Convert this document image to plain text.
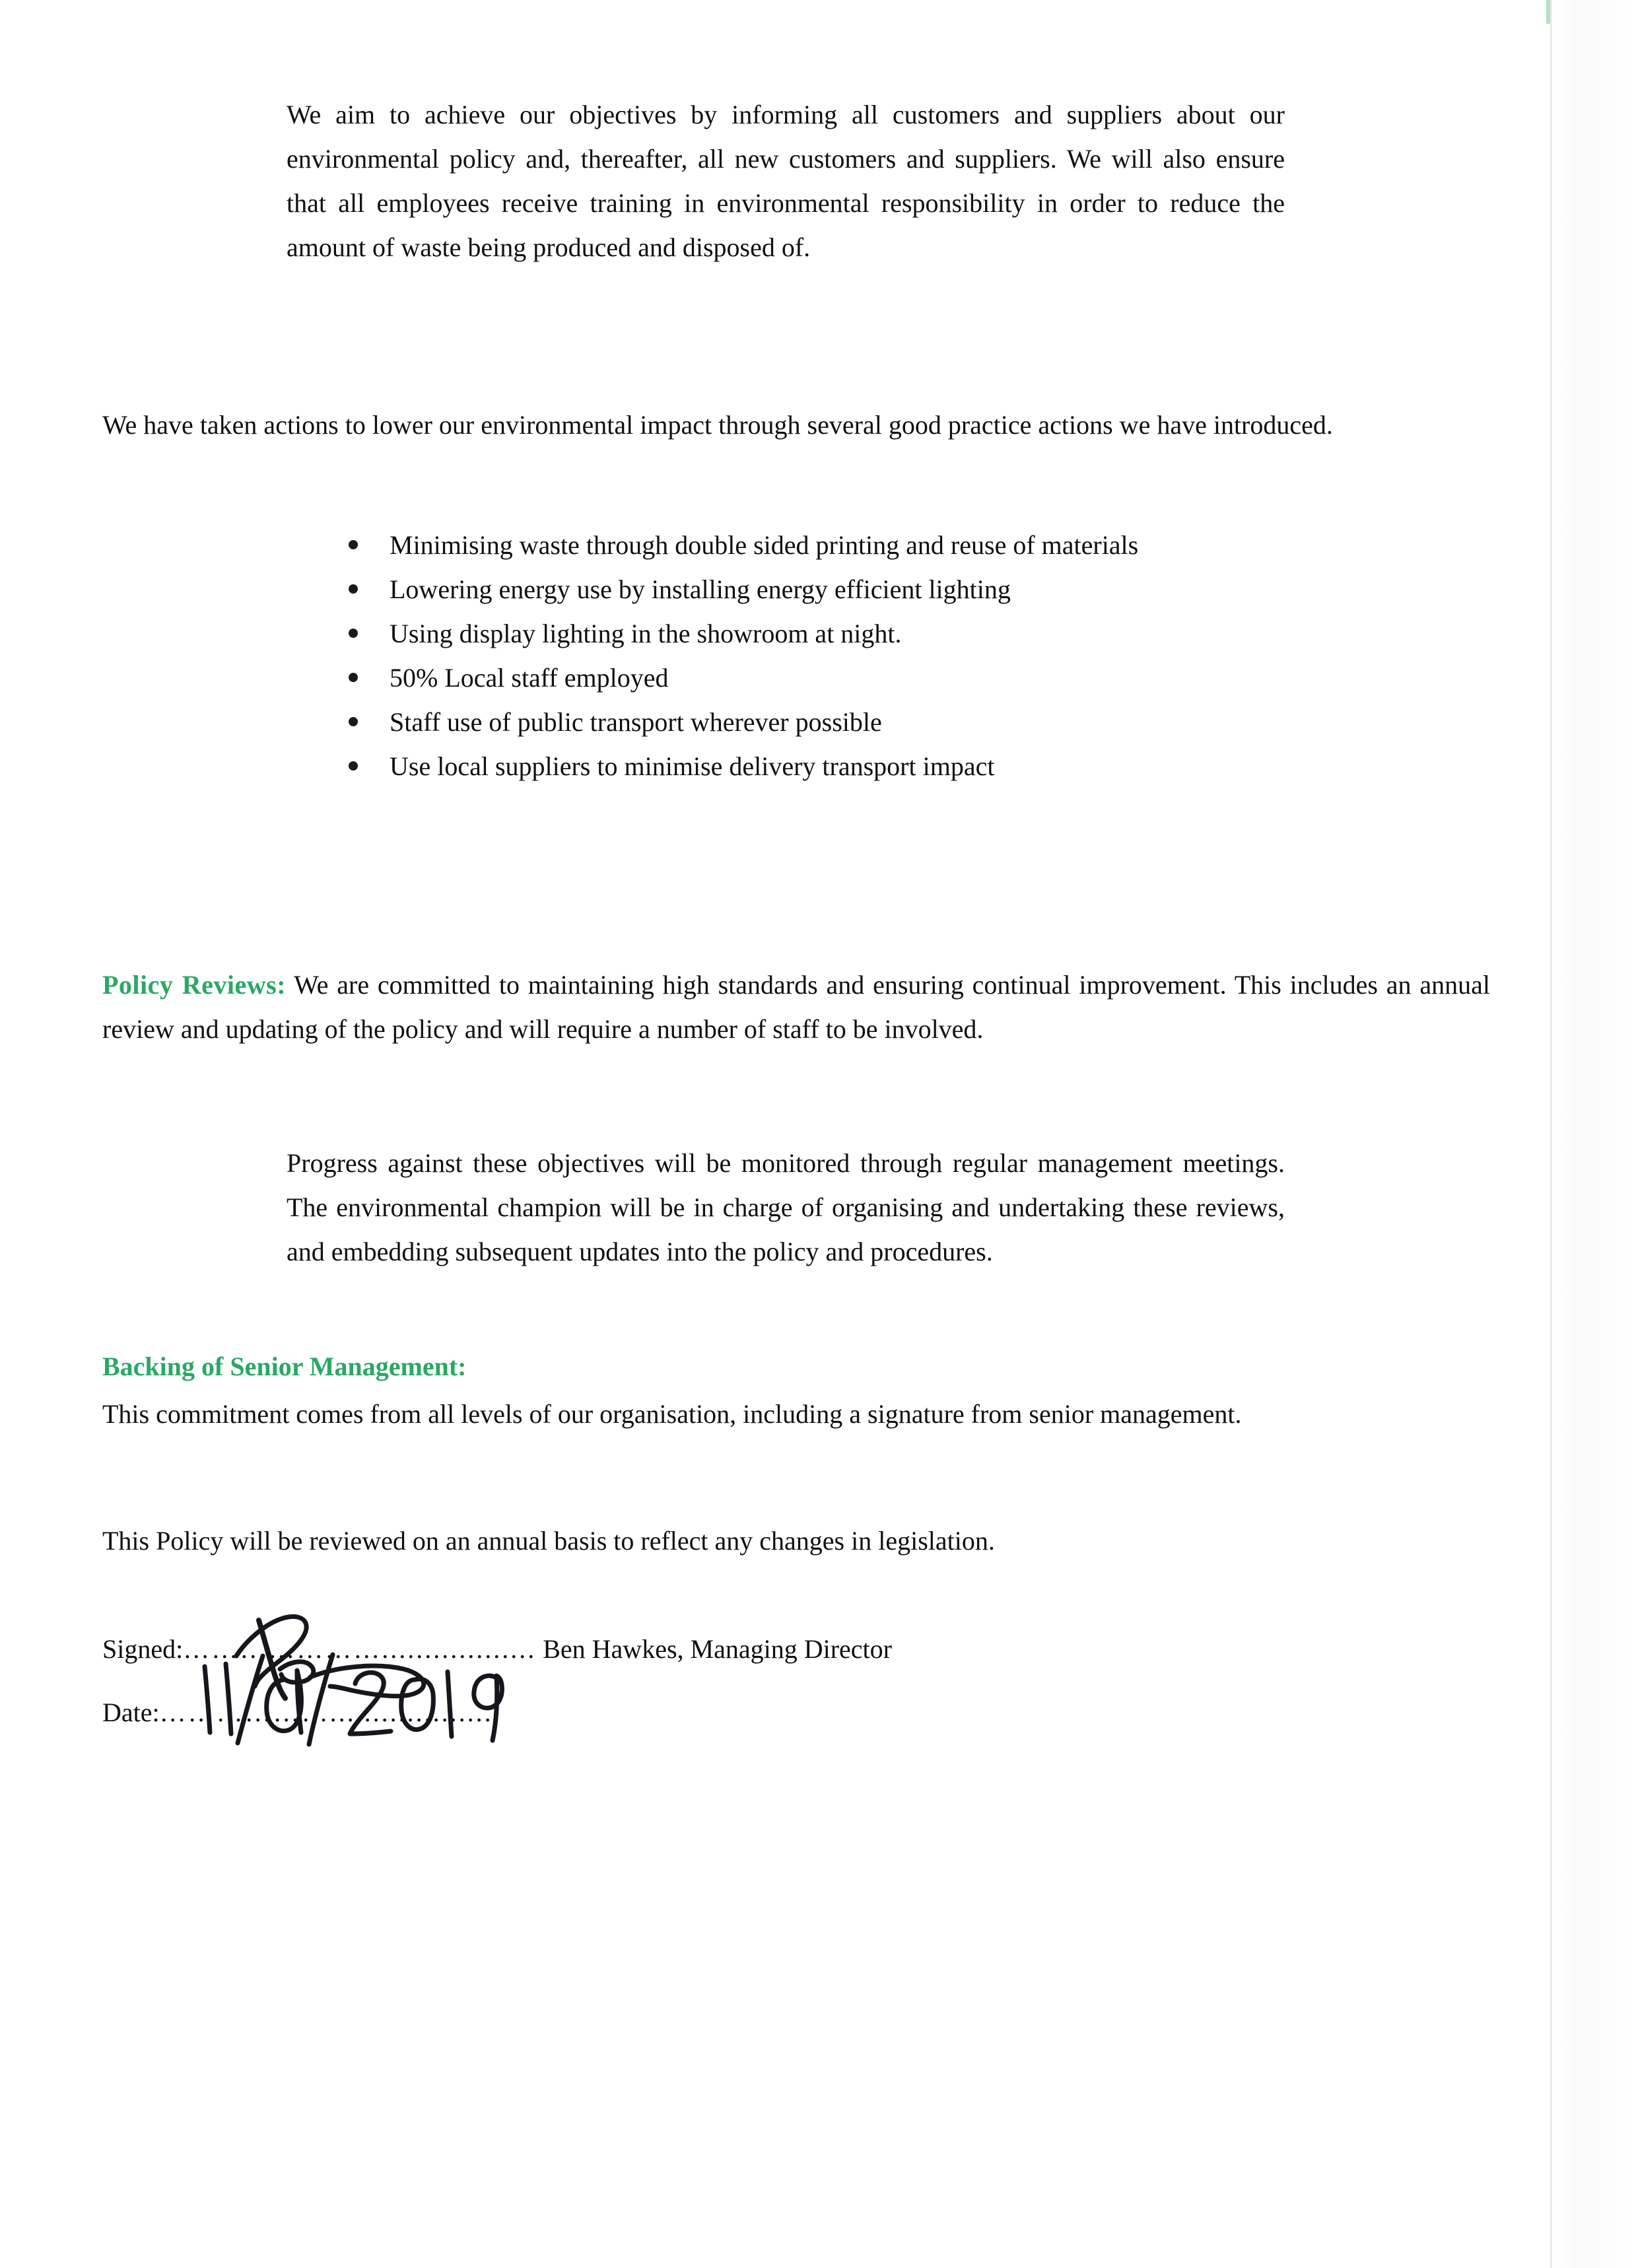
We aim to achieve our objectives by informing all customers and suppliers about our environmental policy and, thereafter, all new customers and suppliers. We will also ensure that all employees receive training in environmental responsibility in order to reduce the amount of waste being produced and disposed of.
We have taken actions to lower our environmental impact through several good practice actions we have introduced.
Minimising waste through double sided printing and reuse of materials
Lowering energy use by installing energy efficient lighting
Using display lighting in the showroom at night.
50% Local staff employed
Staff use of public transport wherever possible
Use local suppliers to minimise delivery transport impact
Policy Reviews: We are committed to maintaining high standards and ensuring continual improvement. This includes an annual review and updating of the policy and will require a number of staff to be involved.
Progress against these objectives will be monitored through regular management meetings. The environmental champion will be in charge of organising and undertaking these reviews, and embedding subsequent updates into the policy and procedures.
Backing of Senior Management:
This commitment comes from all levels of our organisation, including a signature from senior management.
This Policy will be reviewed on an annual basis to reflect any changes in legislation.
Signed:………………….................. Ben Hawkes, Managing Director
Date:………………....................
